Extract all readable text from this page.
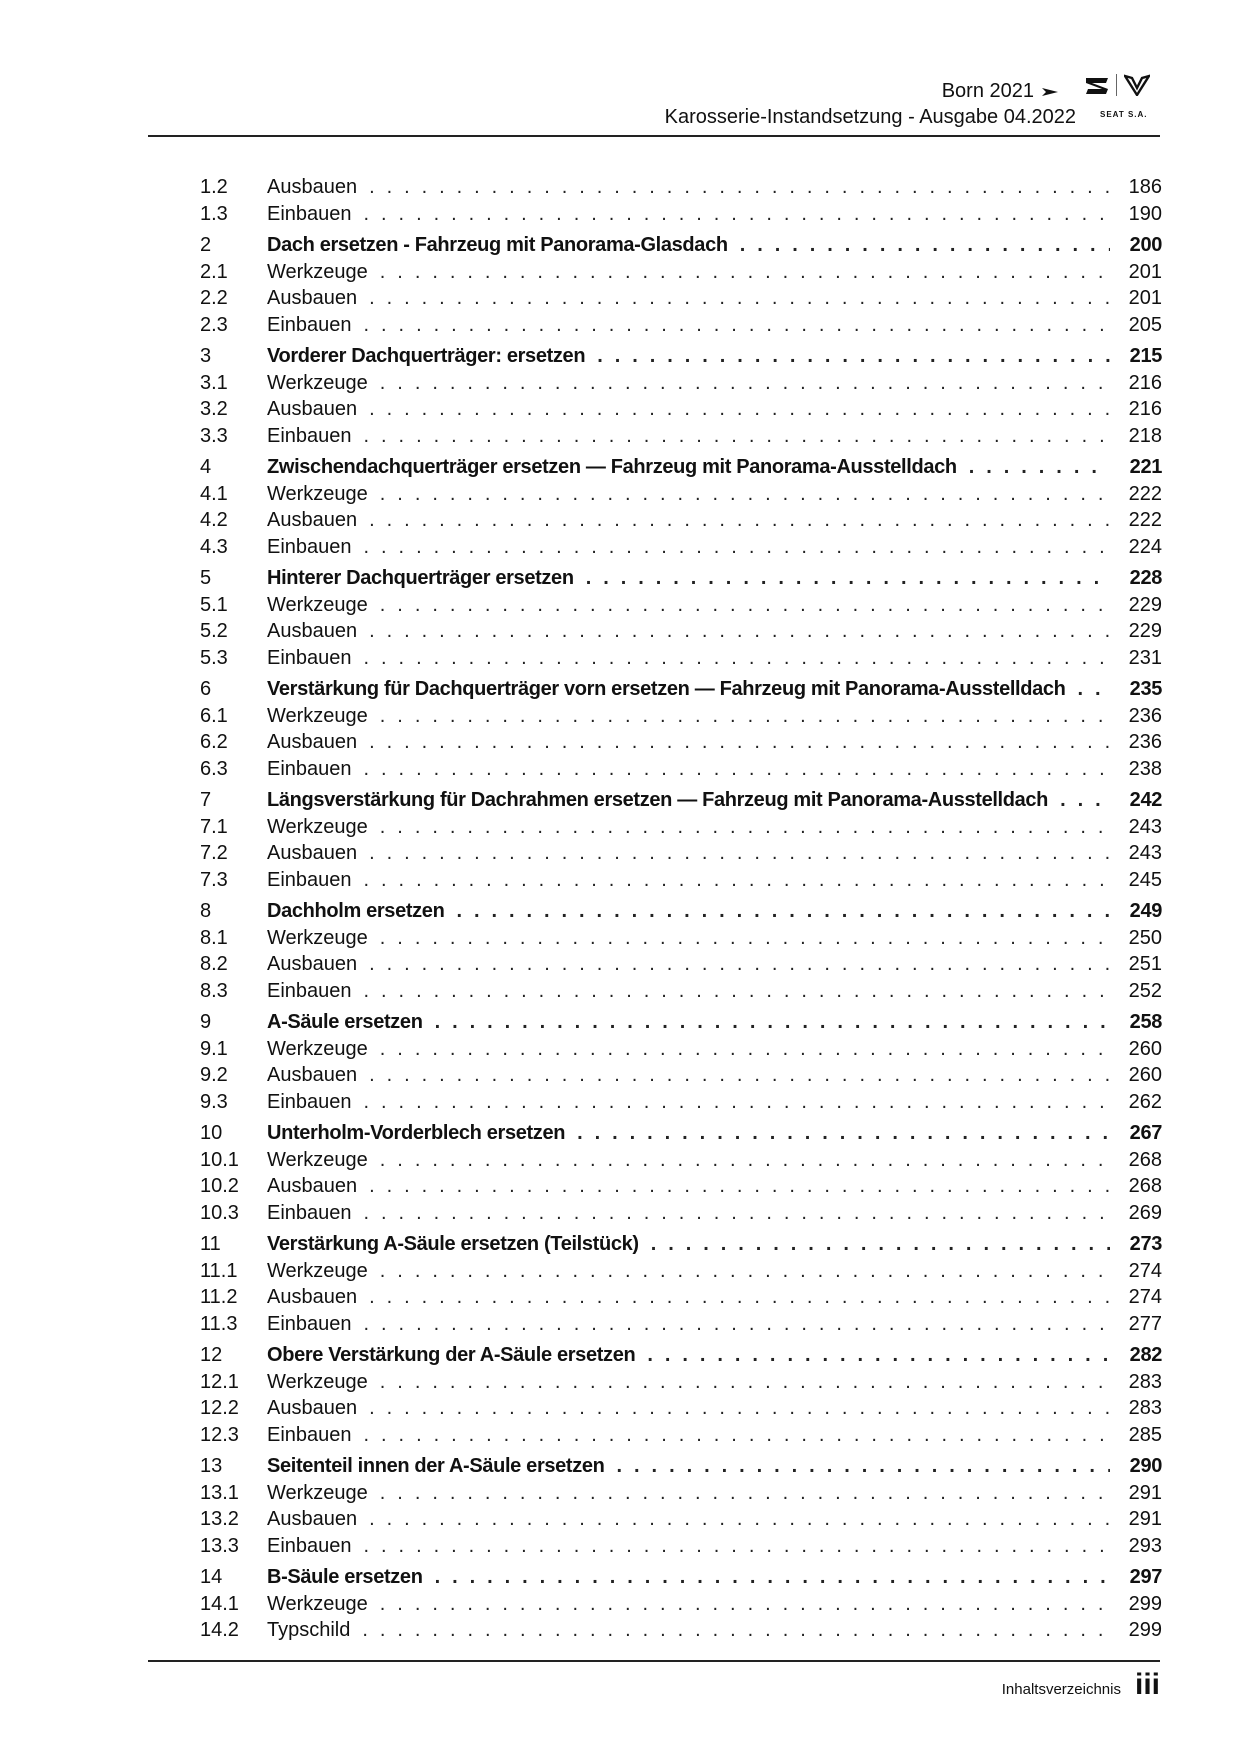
Born 2021
Karosserie-Instandsetzung - Ausgabe 04.2022	SEAT S.A.
1.2	Ausbauen . . .	186
1.3	Einbauen . . .	190
2	Dach ersetzen - Fahrzeug mit Panorama-Glasdach . . .	200
2.1	Werkzeuge . . .	201
2.2	Ausbauen . . .	201
2.3	Einbauen . . .	205
3	Vorderer Dachquerträger: ersetzen . . .	215
3.1	Werkzeuge . . .	216
3.2	Ausbauen . . .	216
3.3	Einbauen . . .	218
4	Zwischendachquerträger ersetzen — Fahrzeug mit Panorama-Ausstelldach . . .	221
4.1	Werkzeuge . . .	222
4.2	Ausbauen . . .	222
4.3	Einbauen . . .	224
5	Hinterer Dachquerträger ersetzen . . .	228
5.1	Werkzeuge . . .	229
5.2	Ausbauen . . .	229
5.3	Einbauen . . .	231
6	Verstärkung für Dachquerträger vorn ersetzen — Fahrzeug mit Panorama-Ausstelldach . . .	235
6.1	Werkzeuge . . .	236
6.2	Ausbauen . . .	236
6.3	Einbauen . . .	238
7	Längsverstärkung für Dachrahmen ersetzen — Fahrzeug mit Panorama-Ausstelldach . . .	242
7.1	Werkzeuge . . .	243
7.2	Ausbauen . . .	243
7.3	Einbauen . . .	245
8	Dachholm ersetzen . . .	249
8.1	Werkzeuge . . .	250
8.2	Ausbauen . . .	251
8.3	Einbauen . . .	252
9	A-Säule ersetzen . . .	258
9.1	Werkzeuge . . .	260
9.2	Ausbauen . . .	260
9.3	Einbauen . . .	262
10	Unterholm-Vorderblech ersetzen . . .	267
10.1	Werkzeuge . . .	268
10.2	Ausbauen . . .	268
10.3	Einbauen . . .	269
11	Verstärkung A-Säule ersetzen (Teilstück) . . .	273
11.1	Werkzeuge . . .	274
11.2	Ausbauen . . .	274
11.3	Einbauen . . .	277
12	Obere Verstärkung der A-Säule ersetzen . . .	282
12.1	Werkzeuge . . .	283
12.2	Ausbauen . . .	283
12.3	Einbauen . . .	285
13	Seitenteil innen der A-Säule ersetzen . . .	290
13.1	Werkzeuge . . .	291
13.2	Ausbauen . . .	291
13.3	Einbauen . . .	293
14	B-Säule ersetzen . . .	297
14.1	Werkzeuge . . .	299
14.2	Typschild . . .	299
Inhaltsverzeichnis iii
